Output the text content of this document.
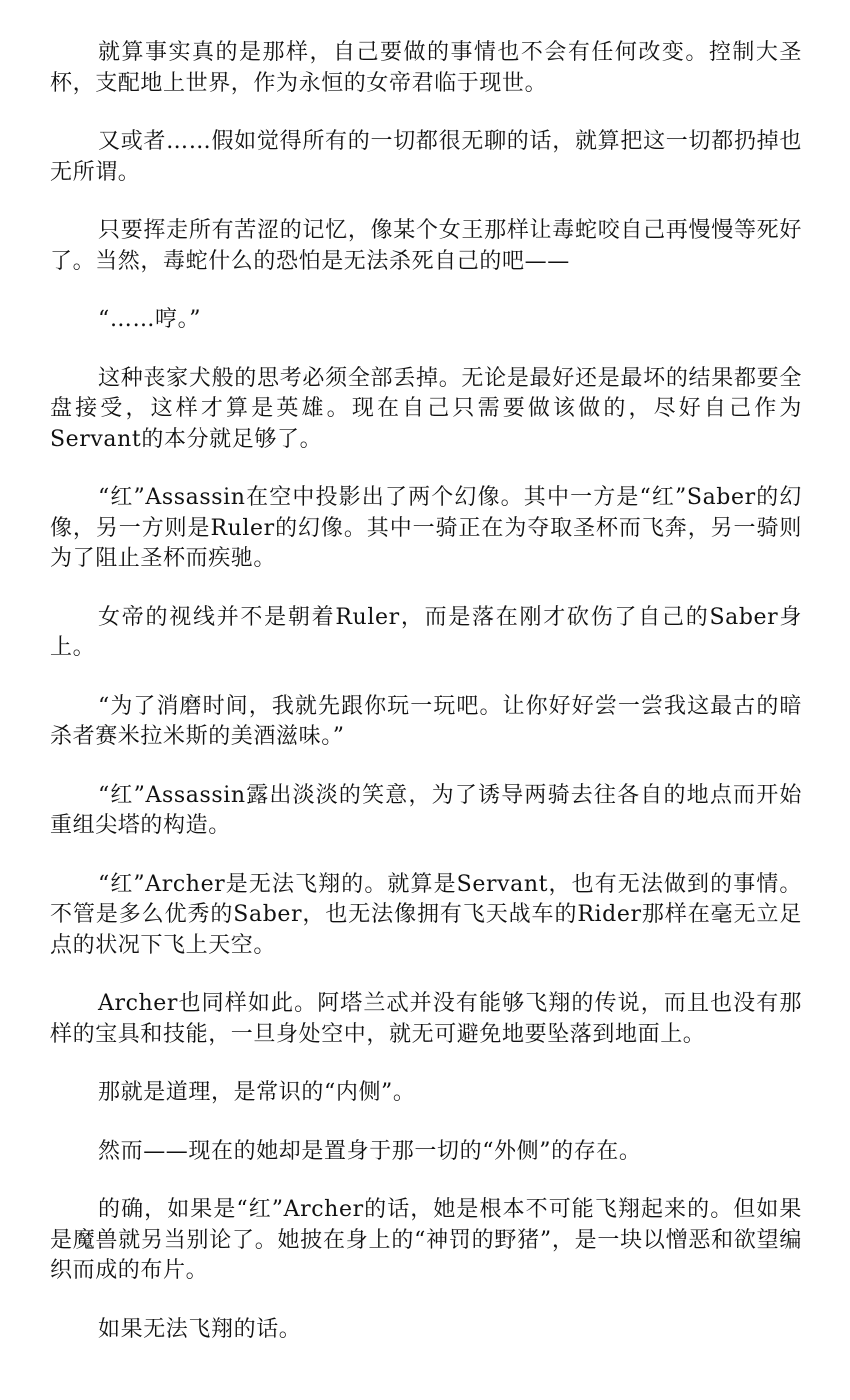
就算事实真的是那样，自己要做的事情也不会有任何改变。控制大圣杯，支配地上世界，作为永恒的女帝君临于现世。

又或者……假如觉得所有的一切都很无聊的话，就算把这一切都扔掉也无所谓。

只要挥走所有苦涩的记忆，像某个女王那样让毒蛇咬自己再慢慢等死好了。当然，毒蛇什么的恐怕是无法杀死自己的吧——

“……哼。”

这种丧家犬般的思考必须全部丢掉。无论是最好还是最坏的结果都要全盘接受，这样才算是英雄。现在自己只需要做该做的，尽好自己作为Servant的本分就足够了。

“红”Assassin在空中投影出了两个幻像。其中一方是“红”Saber的幻像，另一方则是Ruler的幻像。其中一骑正在为夺取圣杯而飞奔，另一骑则为了阻止圣杯而疾驰。

女帝的视线并不是朝着Ruler，而是落在刚才砍伤了自己的Saber身上。

“为了消磨时间，我就先跟你玩一玩吧。让你好好尝一尝我这最古的暗杀者赛米拉米斯的美酒滋味。”

“红”Assassin露出淡淡的笑意，为了诱导两骑去往各自的地点而开始重组尖塔的构造。

“红”Archer是无法飞翔的。就算是Servant，也有无法做到的事情。不管是多么优秀的Saber，也无法像拥有飞天战车的Rider那样在毫无立足点的状况下飞上天空。

Archer也同样如此。阿塔兰忒并没有能够飞翔的传说，而且也没有那样的宝具和技能，一旦身处空中，就无可避免地要坠落到地面上。

那就是道理，是常识的“内侧”。

然而——现在的她却是置身于那一切的“外侧”的存在。

的确，如果是“红”Archer的话，她是根本不可能飞翔起来的。但如果是魔兽就另当别论了。她披在身上的“神罚的野猪”，是一块以憎恶和欲望编织而成的布片。

如果无法飞翔的话。
